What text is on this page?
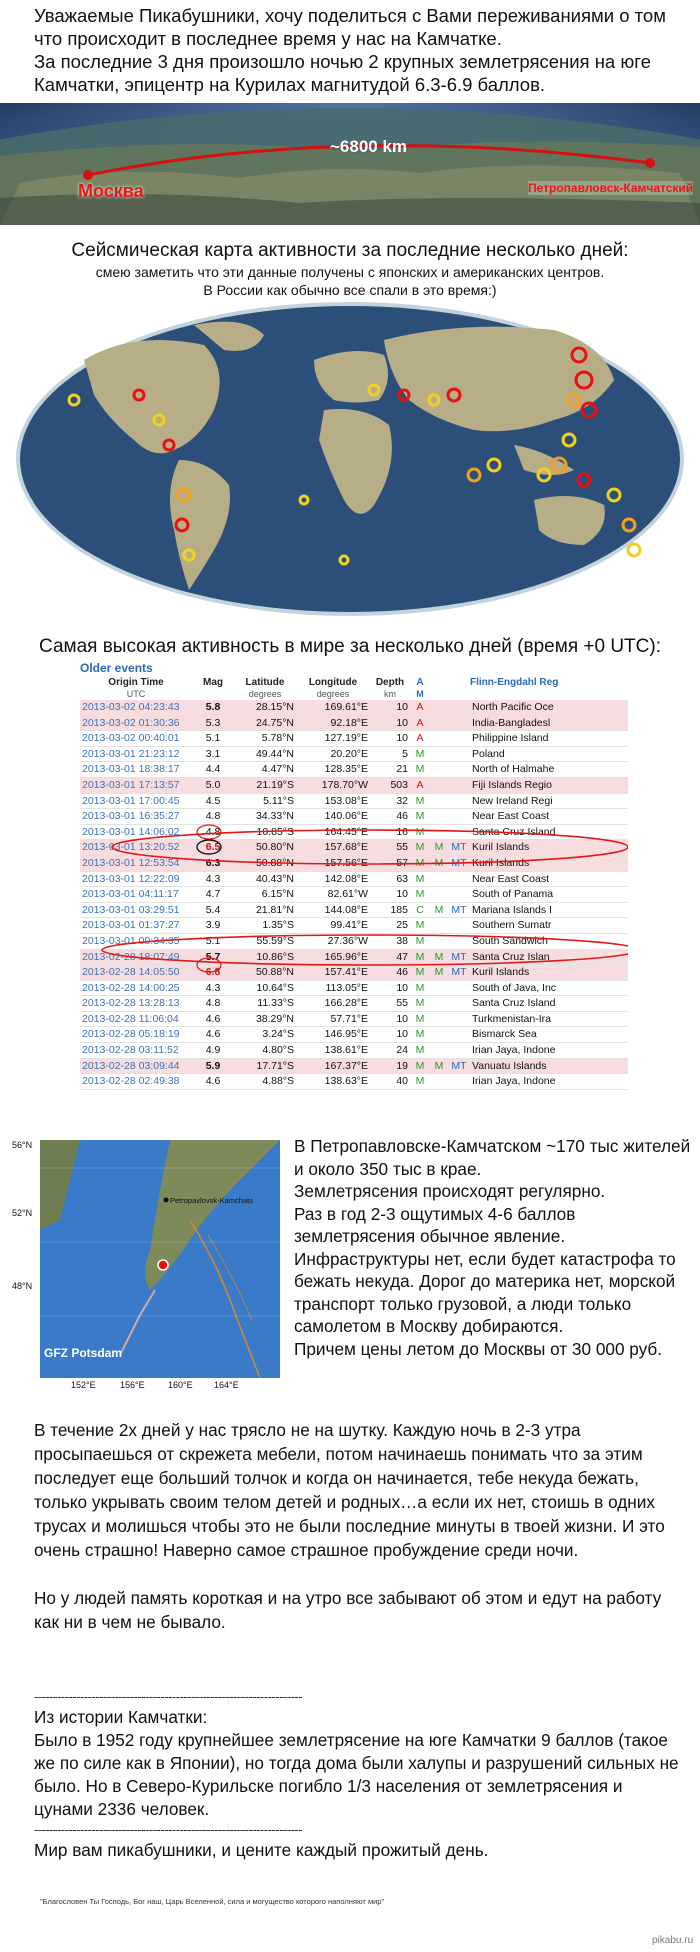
Уважаемые Пикабушники, хочу поделиться с Вами переживаниями о том что происходит в последнее время у нас на Камчатке.

За последние 3 дня произошло ночью 2 крупных землетрясения на юге Камчатки, эпицентр на Курилах магнитудой 6.3-6.9 баллов.

Москва
~6800 km
Петропавловск-Камчатский
Сейсмическая карта активности за последние несколько дней:
смею заметить что эти данные получены с японских и американских центров.
В России как обычно все спали в это время:)
Самая высокая активность в мире за несколько дней (время +0 UTC):
Older events
Origin Time	Mag	Latitude	Longitude	Depth	A			Flinn-Engdahl Reg
UTC		degrees	degrees	km	M			
2013-03-02 04:23:43	5.8	28.15°N	169.61°E	10	A			North Pacific Oce
2013-03-02 01:30:36	5.3	24.75°N	92.18°E	10	A			India-Bangladesl
2013-03-02 00:40:01	5.1	5.78°N	127.19°E	10	A			Philippine Island
2013-03-01 21:23:12	3.1	49.44°N	20.20°E	5	M			Poland
2013-03-01 18:38:17	4.4	4.47°N	128.35°E	21	M			North of Halmahe
2013-03-01 17:13:57	5.0	21.19°S	178.70°W	503	A			Fiji Islands Regio
2013-03-01 17:00:45	4.5	5.11°S	153.08°E	32	M			New Ireland Regi
2013-03-01 16:35:27	4.8	34.33°N	140.06°E	46	M			Near East Coast
2013-03-01 14:06:02	4.8	10.85°S	164.45°E	16	M			Santa Cruz Island
2013-03-01 13:20:52	6.5	50.80°N	157.68°E	55	M	M	MT	Kuril Islands
2013-03-01 12:53:54	6.3	50.88°N	157.56°E	57	M	M	MT	Kuril Islands
2013-03-01 12:22:09	4.3	40.43°N	142.08°E	63	M			Near East Coast
2013-03-01 04:11:17	4.7	6.15°N	82.61°W	10	M			South of Panama
2013-03-01 03:29:51	5.4	21.81°N	144.08°E	185	C	M	MT	Mariana Islands I
2013-03-01 01:37:27	3.9	1.35°S	99.41°E	25	M			Southern Sumatr
2013-03-01 00:34:35	5.1	55.59°S	27.36°W	38	M			South Sandwich
2013-02-28 18:07:49	5.7	10.86°S	165.96°E	47	M	M	MT	Santa Cruz Islan
2013-02-28 14:05:50	6.8	50.88°N	157.41°E	46	M	M	MT	Kuril Islands
2013-02-28 14:00:25	4.3	10.64°S	113.05°E	10	M			South of Java, Inc
2013-02-28 13:28:13	4.8	11.33°S	166.28°E	55	M			Santa Cruz Island
2013-02-28 11:06:04	4.6	38.29°N	57.71°E	10	M			Turkmenistan-Ira
2013-02-28 05:18:19	4.6	3.24°S	146.95°E	10	M			Bismarck Sea
2013-02-28 03:11:52	4.9	4.80°S	138.61°E	24	M			Irian Jaya, Indone
2013-02-28 03:09:44	5.9	17.71°S	167.37°E	19	M	M	MT	Vanuatu Islands
2013-02-28 02:49:38	4.6	4.88°S	138.63°E	40	M			Irian Jaya, Indone
56°N
52°N
48°N
152°E	156°E	160°E 164°E
Petropavlovsk-Kamchats
GFZ Potsdam

В Петропавловске-Камчатском ~170 тыс жителей и около 350 тыс в крае.

Землетрясения происходят регулярно.

Раз в год 2-3 ощутимых 4-6 баллов землетрясения обычное явление.

Инфраструктуры нет, если будет катастрофа то бежать некуда. Дорог до материка нет, морской транспорт только грузовой, а люди только самолетом в Москву добираются.

Причем цены летом до Москвы от 30 000 руб.

В течение 2х дней у нас трясло не на шутку. Каждую ночь в 2-3 утра просыпаешься от скрежета мебели, потом начинаешь понимать что за этим последует еще больший толчок и когда он начинается, тебе некуда бежать, только укрывать своим телом детей и родных…а если их нет, стоишь в одних трусах и молишься чтобы это не были последние минуты в твоей жизни. И это очень страшно! Наверно самое страшное пробуждение среди ночи.

Но у людей память короткая и на утро все забывают об этом и едут на работу как ни в чем не бывало.

----------------------------------------------------------------------

Из истории Камчатки:

Было в 1952 году крупнейшее землетрясение на юге Камчатки 9 баллов (такое же по силе как в Японии), но тогда дома были халупы и разрушений сильных не было. Но в Северо-Курильске погибло 1/3 населения от землетрясения и цунами 2336 человек.

----------------------------------------------------------------------

Мир вам пикабушники, и цените каждый прожитый день.

"Благословен Ты Господь, Бог наш, Царь Вселенной, сила и могущество которого наполняют мир"
pikabu.ru
